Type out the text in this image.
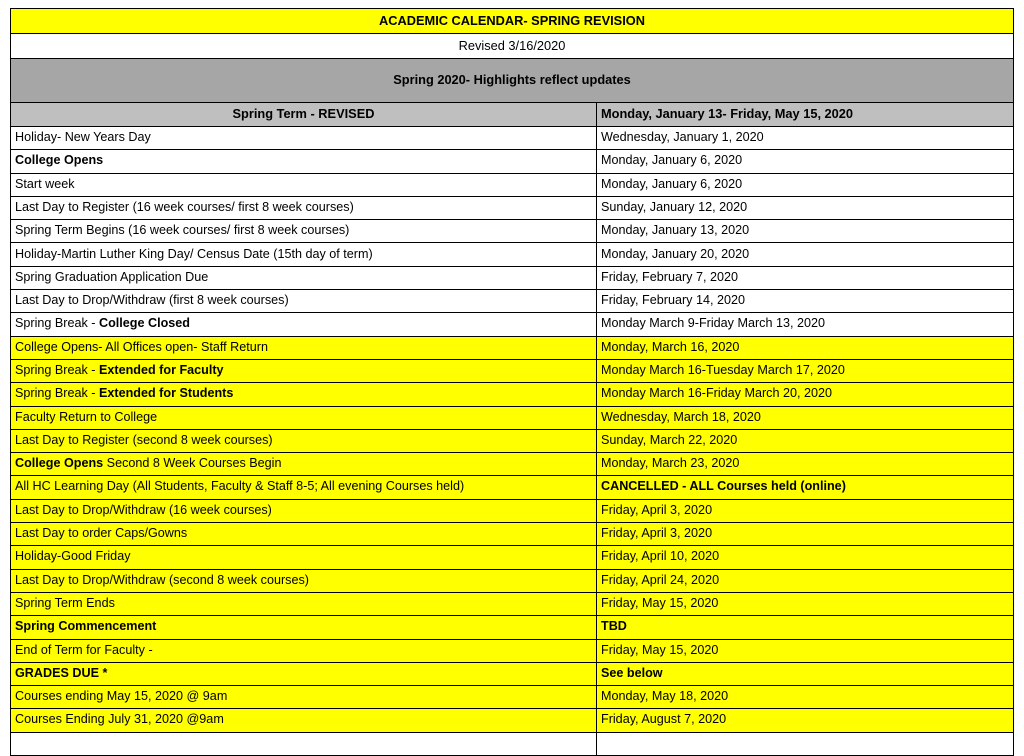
ACADEMIC CALENDAR- SPRING REVISION	
Revised 3/16/2020	
Spring 2020- Highlights reflect updates	
Spring Term - REVISED	Monday, January 13- Friday, May 15, 2020
Holiday- New Years Day	Wednesday, January 1, 2020
College Opens	Monday, January 6, 2020
Start week	Monday, January 6, 2020
Last Day to Register (16 week courses/ first 8 week courses)	Sunday, January 12, 2020
Spring Term Begins (16 week courses/ first 8 week courses)	Monday, January 13, 2020
Holiday-Martin Luther King Day/ Census Date (15th day of term)	Monday, January 20, 2020
Spring Graduation Application Due	Friday, February 7, 2020
Last Day to Drop/Withdraw (first 8 week courses)	Friday, February 14, 2020
Spring Break - College Closed	Monday March 9-Friday March 13, 2020
College Opens- All Offices open- Staff Return	Monday, March 16, 2020
Spring Break - Extended for Faculty	Monday March 16-Tuesday March 17, 2020
Spring Break - Extended for Students	Monday March 16-Friday March 20, 2020
Faculty Return to College	Wednesday, March 18, 2020
Last Day to Register (second 8 week courses)	Sunday, March 22, 2020
College Opens Second 8 Week Courses Begin	Monday, March 23, 2020
All HC Learning Day (All Students, Faculty & Staff 8-5; All evening Courses held)	CANCELLED - ALL Courses held (online)
Last Day to Drop/Withdraw (16 week courses)	Friday, April 3, 2020
Last Day to order Caps/Gowns	Friday, April 3, 2020
Holiday-Good Friday	Friday, April 10, 2020
Last Day to Drop/Withdraw (second 8 week courses)	Friday, April 24, 2020
Spring Term Ends	Friday, May 15, 2020
Spring Commencement	TBD
End of Term for Faculty -	Friday, May 15, 2020
GRADES DUE *	See below
Courses ending May 15, 2020 @ 9am	Monday, May 18, 2020
Courses Ending July 31, 2020 @9am	Friday, August 7, 2020
